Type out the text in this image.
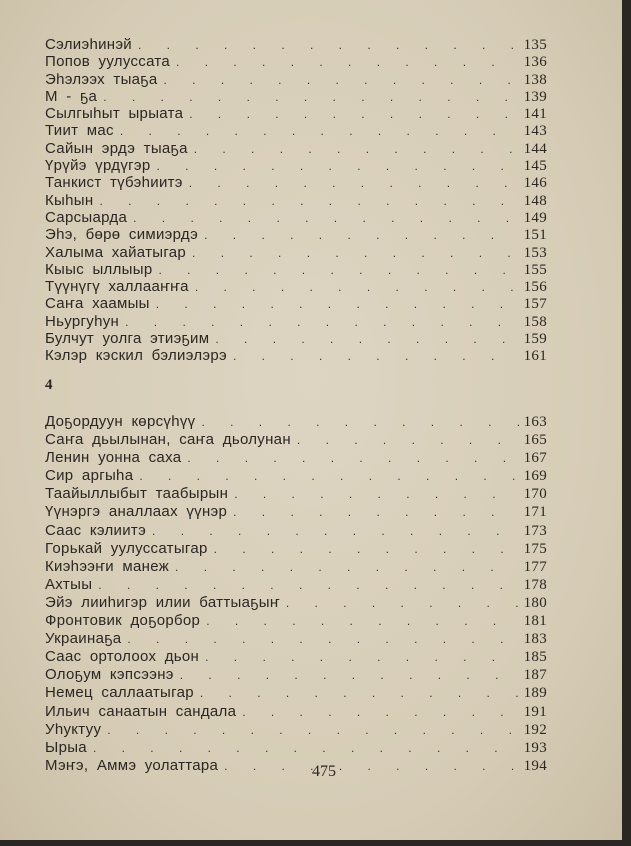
Сэлиэһинэй . . .	135
Попов уулуссата . . .	136
Эһэлээх тыаҕа . . .	138
М - ҕа . . .	139
Сылгыһыт ырыата . . .	141
Тиит мас . . .	143
Сайын эрдэ тыаҕа . . .	144
Үрүйэ үрдүгэр . . .	145
Танкист түбэһиитэ . . .	146
Кыһын . . .	148
Сарсыарда . . .	149
Эһэ, бөрө симиэрдэ . . .	151
Халыма хайатыгар . . .	153
Кыыс ыллыыр . . .	155
Түүнүгү халлааҥҥа . . .	156
Саҥа хаамыы . . .	157
Ньургуһун . . .	158
Булчут уолга этиэҕим . . .	159
Кэлэр кэскил бэлиэлэрэ . . .	161
4
Доҕордуун көрсүһүү . . .	163
Саҥа дьылынан, саҥа дьолунан . . .	165
Ленин уонна саха . . .	167
Сир аргыһа . . .	169
Таайыллыбыт таабырын . . .	170
Үүнэргэ аналлаах үүнэр . . .	171
Саас кэлиитэ . . .	173
Горькай уулуссатыгар . . .	175
Киэһээҥи манеж . . .	177
Ахтыы . . .	178
Эйэ лииһигэр илии баттыаҕыҥ . . .	180
Фронтовик доҕорбор . . .	181
Украинаҕа . . .	183
Саас ортолоох дьон . . .	185
Олоҕум кэпсээнэ . . .	187
Немец саллаатыгар . . .	189
Ильич санаатын сандала . . .	191
Уһуктуу . . .	192
Ырыа . . .	193
Мэҥэ, Аммэ уолаттара . . .	194
475
